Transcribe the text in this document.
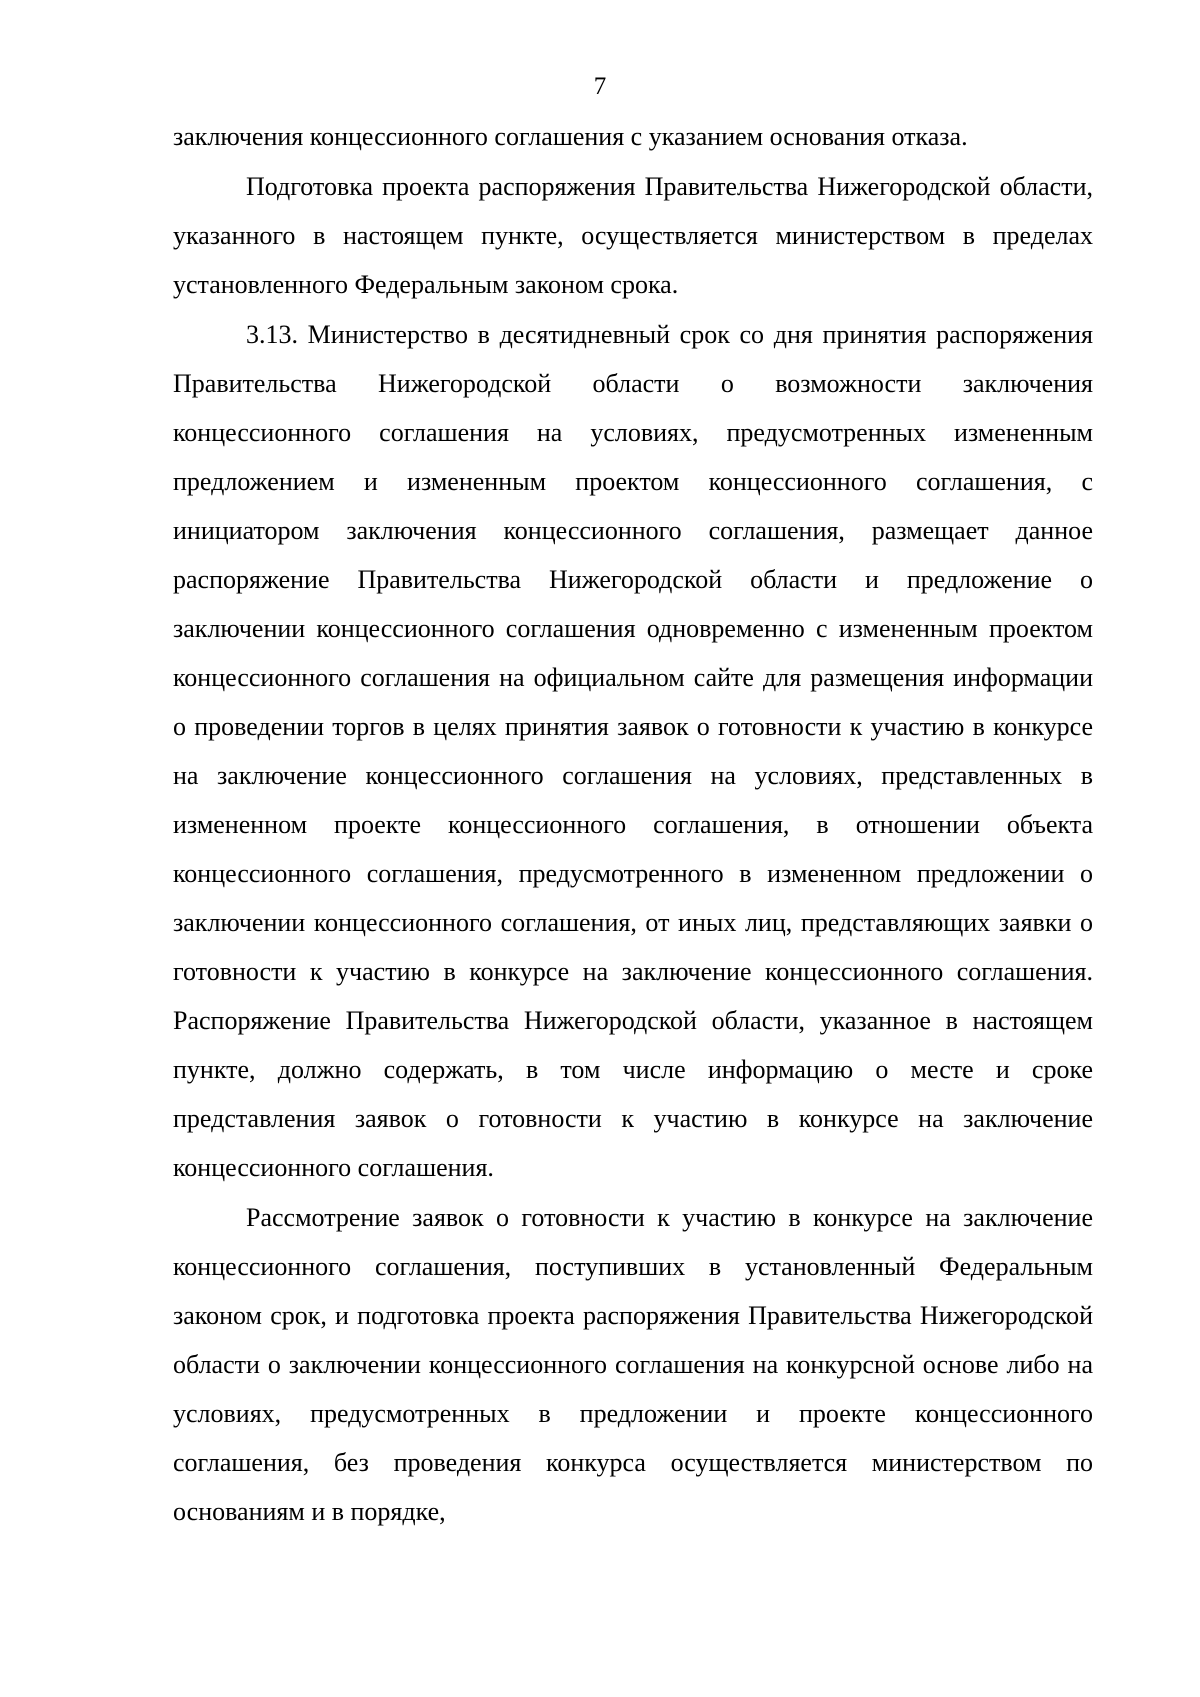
7

заключения концессионного соглашения с указанием основания отказа.

Подготовка проекта распоряжения Правительства Нижегородской области, указанного в настоящем пункте, осуществляется министерством в пределах установленного Федеральным законом срока.

3.13. Министерство в десятидневный срок со дня принятия распоряжения Правительства Нижегородской области о возможности заключения концессионного соглашения на условиях, предусмотренных измененным предложением и измененным проектом концессионного соглашения, с инициатором заключения концессионного соглашения, размещает данное распоряжение Правительства Нижегородской области и предложение о заключении концессионного соглашения одновременно с измененным проектом концессионного соглашения на официальном сайте для размещения информации о проведении торгов в целях принятия заявок о готовности к участию в конкурсе на заключение концессионного соглашения на условиях, представленных в измененном проекте концессионного соглашения, в отношении объекта концессионного соглашения, предусмотренного в измененном предложении о заключении концессионного соглашения, от иных лиц, представляющих заявки о готовности к участию в конкурсе на заключение концессионного соглашения. Распоряжение Правительства Нижегородской области, указанное в настоящем пункте, должно содержать, в том числе информацию о месте и сроке представления заявок о готовности к участию в конкурсе на заключение концессионного соглашения.

Рассмотрение заявок о готовности к участию в конкурсе на заключение концессионного соглашения, поступивших в установленный Федеральным законом срок, и подготовка проекта распоряжения Правительства Нижегородской области о заключении концессионного соглашения на конкурсной основе либо на условиях, предусмотренных в предложении и проекте концессионного соглашения, без проведения конкурса осуществляется министерством по основаниям и в порядке,
